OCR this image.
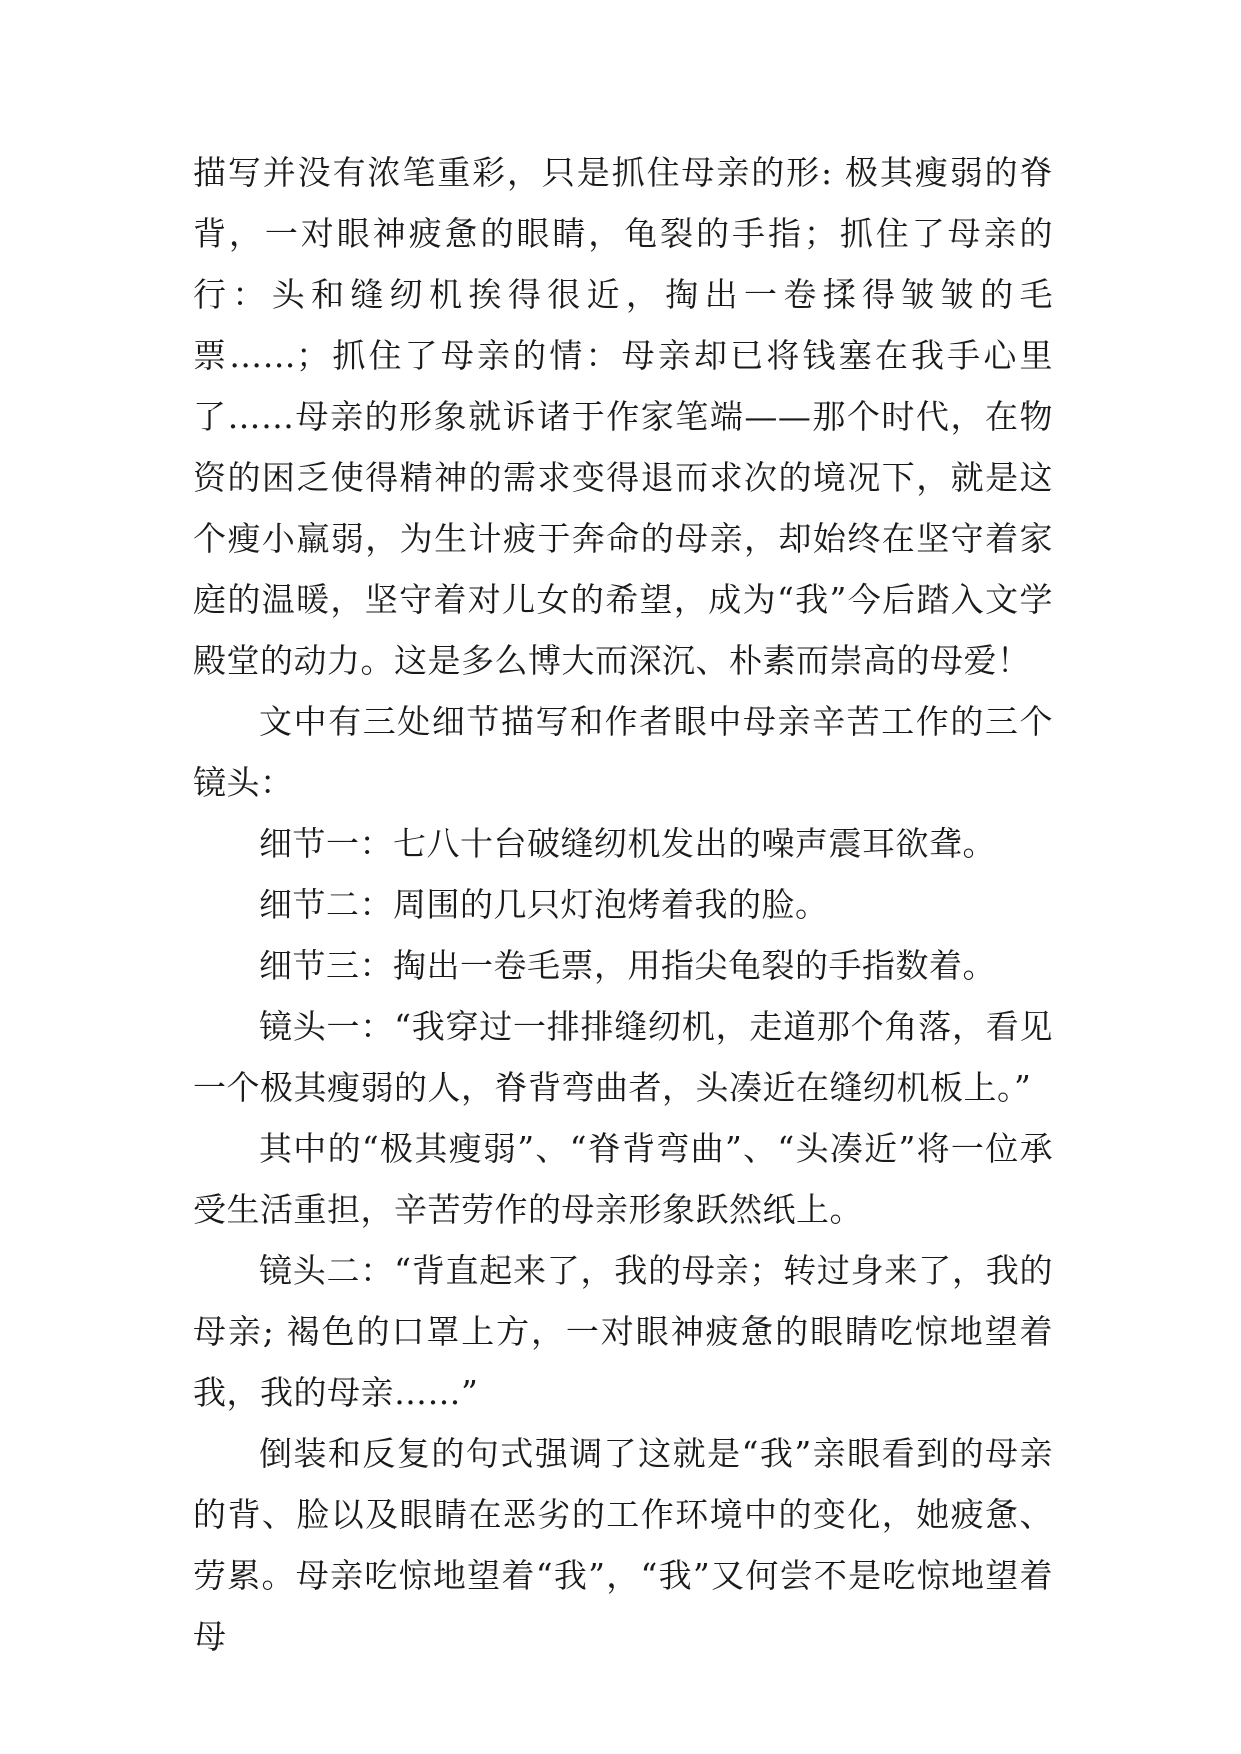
描写并没有浓笔重彩，只是抓住母亲的形: 极其瘦弱的脊背，一对眼神疲惫的眼睛，龟裂的手指；抓住了母亲的行：头和缝纫机挨得很近，掏出一卷揉得皱皱的毛票……；抓住了母亲的情：母亲却已将钱塞在我手心里了……母亲的形象就诉诸于作家笔端——那个时代，在物资的困乏使得精神的需求变得退而求次的境况下，就是这个瘦小羸弱，为生计疲于奔命的母亲，却始终在坚守着家庭的温暖，坚守着对儿女的希望，成为“我”今后踏入文学殿堂的动力。这是多么博大而深沉、朴素而崇高的母爱！

文中有三处细节描写和作者眼中母亲辛苦工作的三个镜头：

细节一：七八十台破缝纫机发出的噪声震耳欲聋。

细节二：周围的几只灯泡烤着我的脸。

细节三：掏出一卷毛票，用指尖龟裂的手指数着。

镜头一：“我穿过一排排缝纫机，走道那个角落，看见一个极其瘦弱的人，脊背弯曲者，头凑近在缝纫机板上。”

其中的“极其瘦弱”、“脊背弯曲”、“头凑近”将一位承受生活重担，辛苦劳作的母亲形象跃然纸上。

镜头二：“背直起来了，我的母亲；转过身来了，我的母亲; 褐色的口罩上方，一对眼神疲惫的眼睛吃惊地望着我，我的母亲……”

倒装和反复的句式强调了这就是“我”亲眼看到的母亲的背、脸以及眼睛在恶劣的工作环境中的变化，她疲惫、劳累。母亲吃惊地望着“我”，“我”又何尝不是吃惊地望着母
